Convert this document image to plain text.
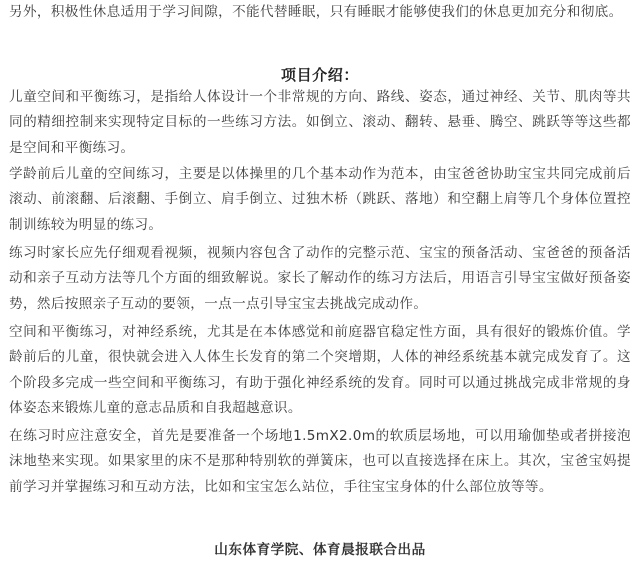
另外，积极性休息适用于学习间隙，不能代替睡眠，只有睡眠才能够使我们的休息更加充分和彻底。

项目介绍：

儿童空间和平衡练习，是指给人体设计一个非常规的方向、路线、姿态，通过神经、关节、肌肉等共同的精细控制来实现特定目标的一些练习方法。如倒立、滚动、翻转、悬垂、腾空、跳跃等等这些都是空间和平衡练习。

学龄前后儿童的空间练习，主要是以体操里的几个基本动作为范本，由宝爸爸协助宝宝共同完成前后滚动、前滚翻、后滚翻、手倒立、肩手倒立、过独木桥（跳跃、落地）和空翻上肩等几个身体位置控制训练较为明显的练习。

练习时家长应先仔细观看视频，视频内容包含了动作的完整示范、宝宝的预备活动、宝爸爸的预备活动和亲子互动方法等几个方面的细致解说。家长了解动作的练习方法后，用语言引导宝宝做好预备姿势，然后按照亲子互动的要领，一点一点引导宝宝去挑战完成动作。

空间和平衡练习，对神经系统，尤其是在本体感觉和前庭器官稳定性方面，具有很好的锻炼价值。学龄前后的儿童，很快就会进入人体生长发育的第二个突增期，人体的神经系统基本就完成发育了。这个阶段多完成一些空间和平衡练习，有助于强化神经系统的发育。同时可以通过挑战完成非常规的身体姿态来锻炼儿童的意志品质和自我超越意识。

在练习时应注意安全，首先是要准备一个场地1.5mX2.0m的软质层场地，可以用瑜伽垫或者拼接泡沫地垫来实现。如果家里的床不是那种特别软的弹簧床，也可以直接选择在床上。其次，宝爸宝妈提前学习并掌握练习和互动方法，比如和宝宝怎么站位，手往宝宝身体的什么部位放等等。

山东体育学院、体育晨报联合出品
